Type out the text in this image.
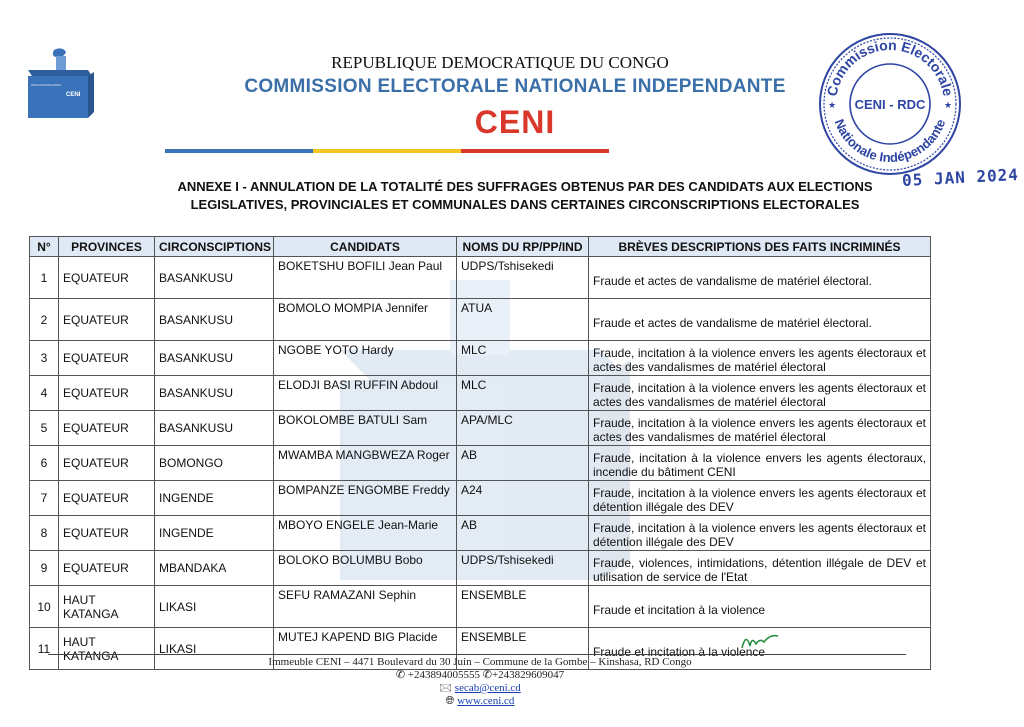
CENI
COMMISSION ELECTORALE NATIONALE INDEPENDANTE
REPUBLIQUE DEMOCRATIQUE DU CONGO
COMMISSION ELECTORALE NATIONALE INDEPENDANTE
CENI
Commission Electorale
Nationale Indépendante
★	★
CENI - RDC
05 JAN 2024
ANNEXE I - ANNULATION DE LA TOTALITÉ DES SUFFRAGES OBTENUS PAR DES CANDIDATS AUX ELECTIONS
LEGISLATIVES, PROVINCIALES ET COMMUNALES DANS CERTAINES CIRCONSCRIPTIONS ELECTORALES
N°	PROVINCES	CIRCONSCIPTIONS	CANDIDATS	NOMS DU RP/PP/IND	BRÈVES DESCRIPTIONS DES FAITS INCRIMINÉS
1	EQUATEUR	BASANKUSU	BOKETSHU BOFILI Jean Paul	UDPS/Tshisekedi	Fraude et actes de vandalisme de matériel électoral.
2	EQUATEUR	BASANKUSU	BOMOLO MOMPIA Jennifer	ATUA	Fraude et actes de vandalisme de matériel électoral.
3	EQUATEUR	BASANKUSU	NGOBE YOTO Hardy	MLC	Fraude, incitation à la violence envers les agents électoraux et actes des vandalismes de matériel électoral
4	EQUATEUR	BASANKUSU	ELODJI BASI RUFFIN Abdoul	MLC	Fraude, incitation à la violence envers les agents électoraux et actes des vandalismes de matériel électoral
5	EQUATEUR	BASANKUSU	BOKOLOMBE BATULI Sam	APA/MLC	Fraude, incitation à la violence envers les agents électoraux et actes des vandalismes de matériel électoral
6	EQUATEUR	BOMONGO	MWAMBA MANGBWEZA Roger	AB	Fraude, incitation à la violence envers les agents électoraux, incendie du bâtiment CENI
7	EQUATEUR	INGENDE	BOMPANZE ENGOMBE Freddy	A24	Fraude, incitation à la violence envers les agents électoraux et détention illégale des DEV
8	EQUATEUR	INGENDE	MBOYO ENGELE Jean-Marie	AB	Fraude, incitation à la violence envers les agents électoraux et détention illégale des DEV
9	EQUATEUR	MBANDAKA	BOLOKO BOLUMBU Bobo	UDPS/Tshisekedi	Fraude, violences, intimidations, détention illégale de DEV et utilisation de service de l'Etat
10	HAUT KATANGA	LIKASI	SEFU RAMAZANI Sephin	ENSEMBLE	Fraude et incitation à la violence
11	HAUT KATANGA	LIKASI	MUTEJ KAPEND BIG Placide	ENSEMBLE	Fraude et incitation à la violence
Immeuble CENI – 4471 Boulevard du 30 Juin – Commune de la Gombe – Kinshasa, RD Congo
✆ +243894005555 ✆+243829609047
🖂 secab@ceni.cd
🌐︎ www.ceni.cd
